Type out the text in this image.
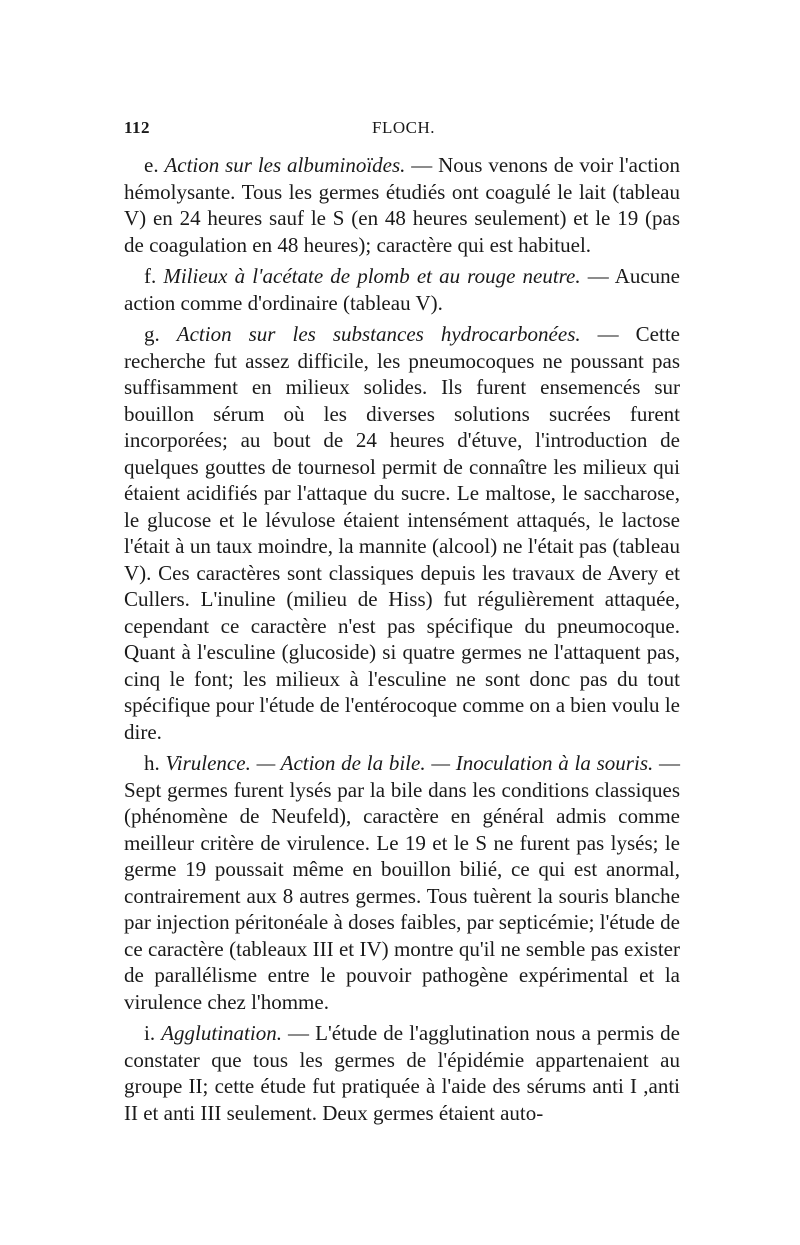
112	FLOCH.

e. Action sur les albuminoïdes. — Nous venons de voir l'action hémolysante. Tous les germes étudiés ont coagulé le lait (tableau V) en 24 heures sauf le S (en 48 heures seulement) et le 19 (pas de coagulation en 48 heures); caractère qui est habituel.

f. Milieux à l'acétate de plomb et au rouge neutre. — Aucune action comme d'ordinaire (tableau V).

g. Action sur les substances hydrocarbonées. — Cette recherche fut assez difficile, les pneumocoques ne poussant pas suffisamment en milieux solides. Ils furent ensemencés sur bouillon sérum où les diverses solutions sucrées furent incorporées; au bout de 24 heures d'étuve, l'introduction de quelques gouttes de tournesol permit de connaître les milieux qui étaient acidifiés par l'attaque du sucre. Le maltose, le saccharose, le glucose et le lévulose étaient intensément attaqués, le lactose l'était à un taux moindre, la mannite (alcool) ne l'était pas (tableau V). Ces caractères sont classiques depuis les travaux de Avery et Cullers. L'inuline (milieu de Hiss) fut régulièrement attaquée, cependant ce caractère n'est pas spécifique du pneumocoque. Quant à l'esculine (glucoside) si quatre germes ne l'attaquent pas, cinq le font; les milieux à l'esculine ne sont donc pas du tout spécifique pour l'étude de l'entérocoque comme on a bien voulu le dire.

h. Virulence. — Action de la bile. — Inoculation à la souris. — Sept germes furent lysés par la bile dans les conditions classiques (phénomène de Neufeld), caractère en général admis comme meilleur critère de virulence. Le 19 et le S ne furent pas lysés; le germe 19 poussait même en bouillon bilié, ce qui est anormal, contrairement aux 8 autres germes. Tous tuèrent la souris blanche par injection péritonéale à doses faibles, par septicémie; l'étude de ce caractère (tableaux III et IV) montre qu'il ne semble pas exister de parallélisme entre le pouvoir pathogène expérimental et la virulence chez l'homme.

i. Agglutination. — L'étude de l'agglutination nous a permis de constater que tous les germes de l'épidémie appartenaient au groupe II; cette étude fut pratiquée à l'aide des sérums anti I ,anti II et anti III seulement. Deux germes étaient auto-
